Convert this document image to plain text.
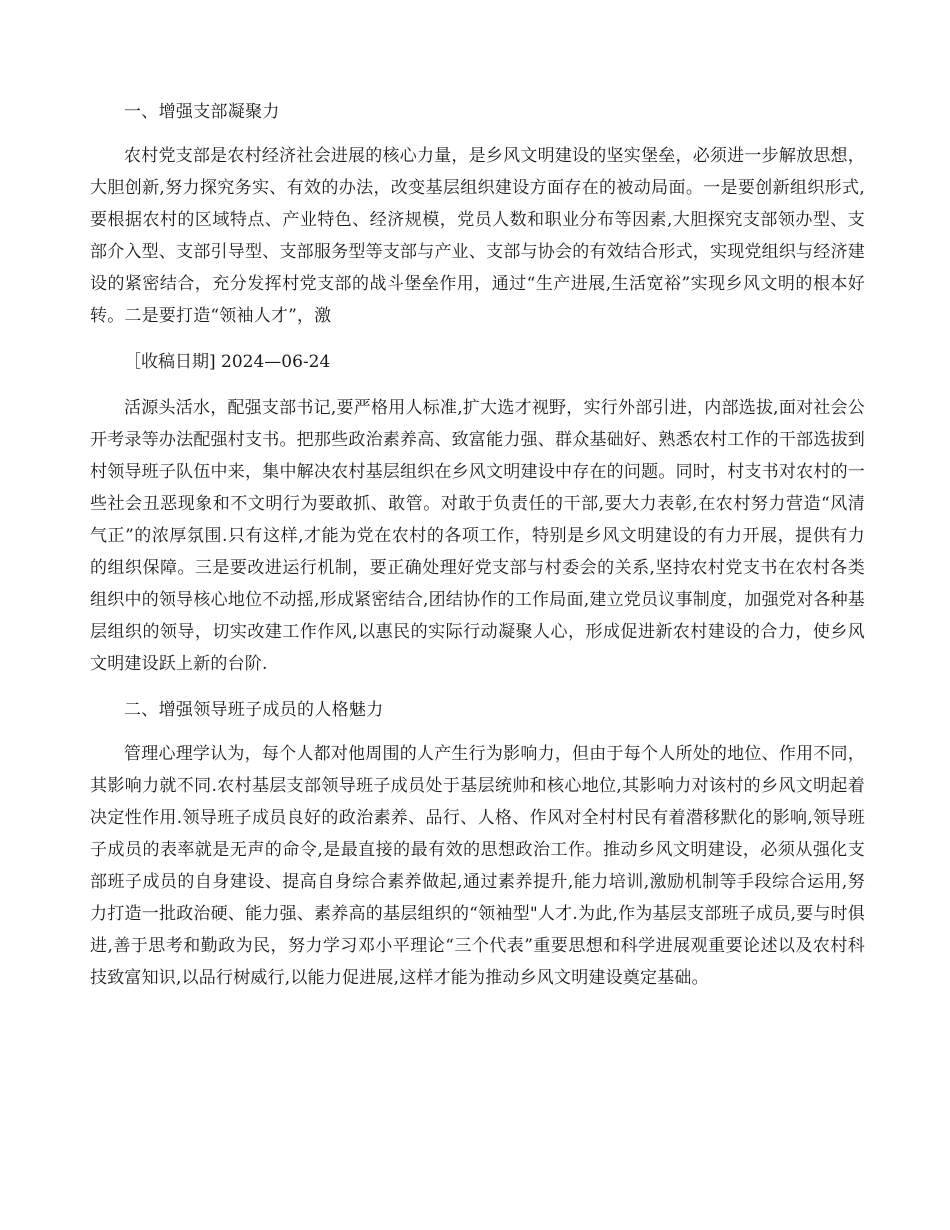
一、增强支部凝聚力

农村党支部是农村经济社会进展的核心力量，是乡风文明建设的坚实堡垒，必须进一步解放思想，大胆创新,努力探究务实、有效的办法，改变基层组织建设方面存在的被动局面。一是要创新组织形式,要根据农村的区域特点、产业特色、经济规模，党员人数和职业分布等因素,大胆探究支部领办型、支部介入型、支部引导型、支部服务型等支部与产业、支部与协会的有效结合形式，实现党组织与经济建设的紧密结合，充分发挥村党支部的战斗堡垒作用，通过“生产进展,生活宽裕”实现乡风文明的根本好转。二是要打造“领袖人才”，激

［收稿日期] 2024—06-24

活源头活水，配强支部书记,要严格用人标准,扩大选才视野，实行外部引进，内部选拔,面对社会公开考录等办法配强村支书。把那些政治素养高、致富能力强、群众基础好、熟悉农村工作的干部选拔到村领导班子队伍中来，集中解决农村基层组织在乡风文明建设中存在的问题。同时，村支书对农村的一些社会丑恶现象和不文明行为要敢抓、敢管。对敢于负责任的干部,要大力表彰,在农村努力营造“风清气正”的浓厚氛围.只有这样,才能为党在农村的各项工作，特别是乡风文明建设的有力开展，提供有力的组织保障。三是要改进运行机制，要正确处理好党支部与村委会的关系,坚持农村党支书在农村各类组织中的领导核心地位不动摇,形成紧密结合,团结协作的工作局面,建立党员议事制度，加强党对各种基层组织的领导，切实改建工作作风,以惠民的实际行动凝聚人心，形成促进新农村建设的合力，使乡风文明建设跃上新的台阶.

二、增强领导班子成员的人格魅力

管理心理学认为，每个人都对他周围的人产生行为影响力，但由于每个人所处的地位、作用不同，其影响力就不同.农村基层支部领导班子成员处于基层统帅和核心地位,其影响力对该村的乡风文明起着决定性作用.领导班子成员良好的政治素养、品行、人格、作风对全村村民有着潜移默化的影响,领导班子成员的表率就是无声的命令,是最直接的最有效的思想政治工作。推动乡风文明建设，必须从强化支部班子成员的自身建设、提高自身综合素养做起,通过素养提升,能力培训,激励机制等手段综合运用,努力打造一批政治硬、能力强、素养高的基层组织的“领袖型"人才.为此,作为基层支部班子成员,要与时俱进,善于思考和勤政为民，努力学习邓小平理论“三个代表”重要思想和科学进展观重要论述以及农村科技致富知识,以品行树威行,以能力促进展,这样才能为推动乡风文明建设奠定基础。
